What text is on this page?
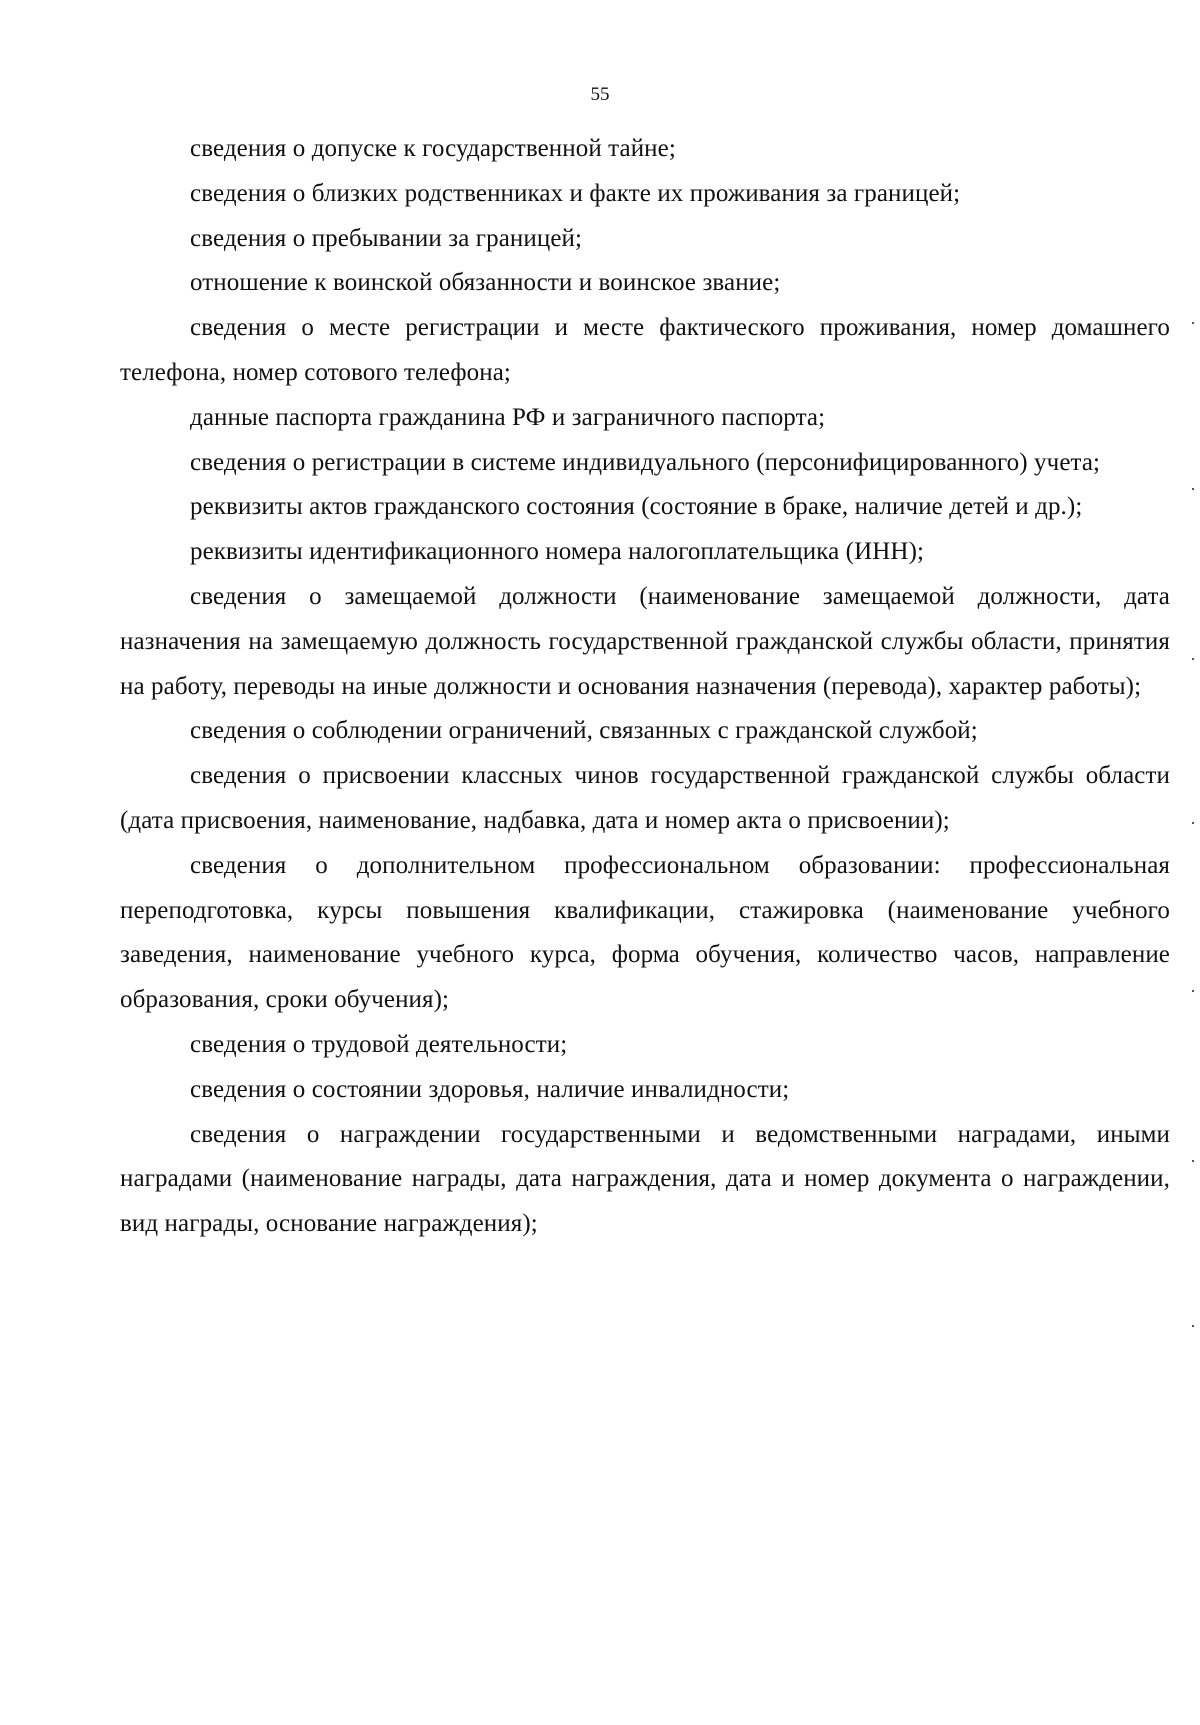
55

сведения о допуске к государственной тайне;

сведения о близких родственниках и факте их проживания за границей;

сведения о пребывании за границей;

отношение к воинской обязанности и воинское звание;

сведения о месте регистрации и месте фактического проживания, номер домашнего телефона, номер сотового телефона;

данные паспорта гражданина РФ и заграничного паспорта;

сведения о регистрации в системе индивидуального (персонифицированного) учета;

реквизиты актов гражданского состояния (состояние в браке, наличие детей и др.);

реквизиты идентификационного номера налогоплательщика (ИНН);

сведения о замещаемой должности (наименование замещаемой должности, дата назначения на замещаемую должность государственной гражданской службы области, принятия на работу, переводы на иные должности и основания назначения (перевода), характер работы);

сведения о соблюдении ограничений, связанных с гражданской службой;

сведения о присвоении классных чинов государственной гражданской службы области (дата присвоения, наименование, надбавка, дата и номер акта о присвоении);

сведения о дополнительном профессиональном образовании: профессиональная переподготовка, курсы повышения квалификации, стажировка (наименование учебного заведения, наименование учебного курса, форма обучения, количество часов, направление образования, сроки обучения);

сведения о трудовой деятельности;

сведения о состоянии здоровья, наличие инвалидности;

сведения о награждении государственными и ведомственными наградами, иными наградами (наименование награды, дата награждения, дата и номер документа о награждении, вид награды, основание награждения);
